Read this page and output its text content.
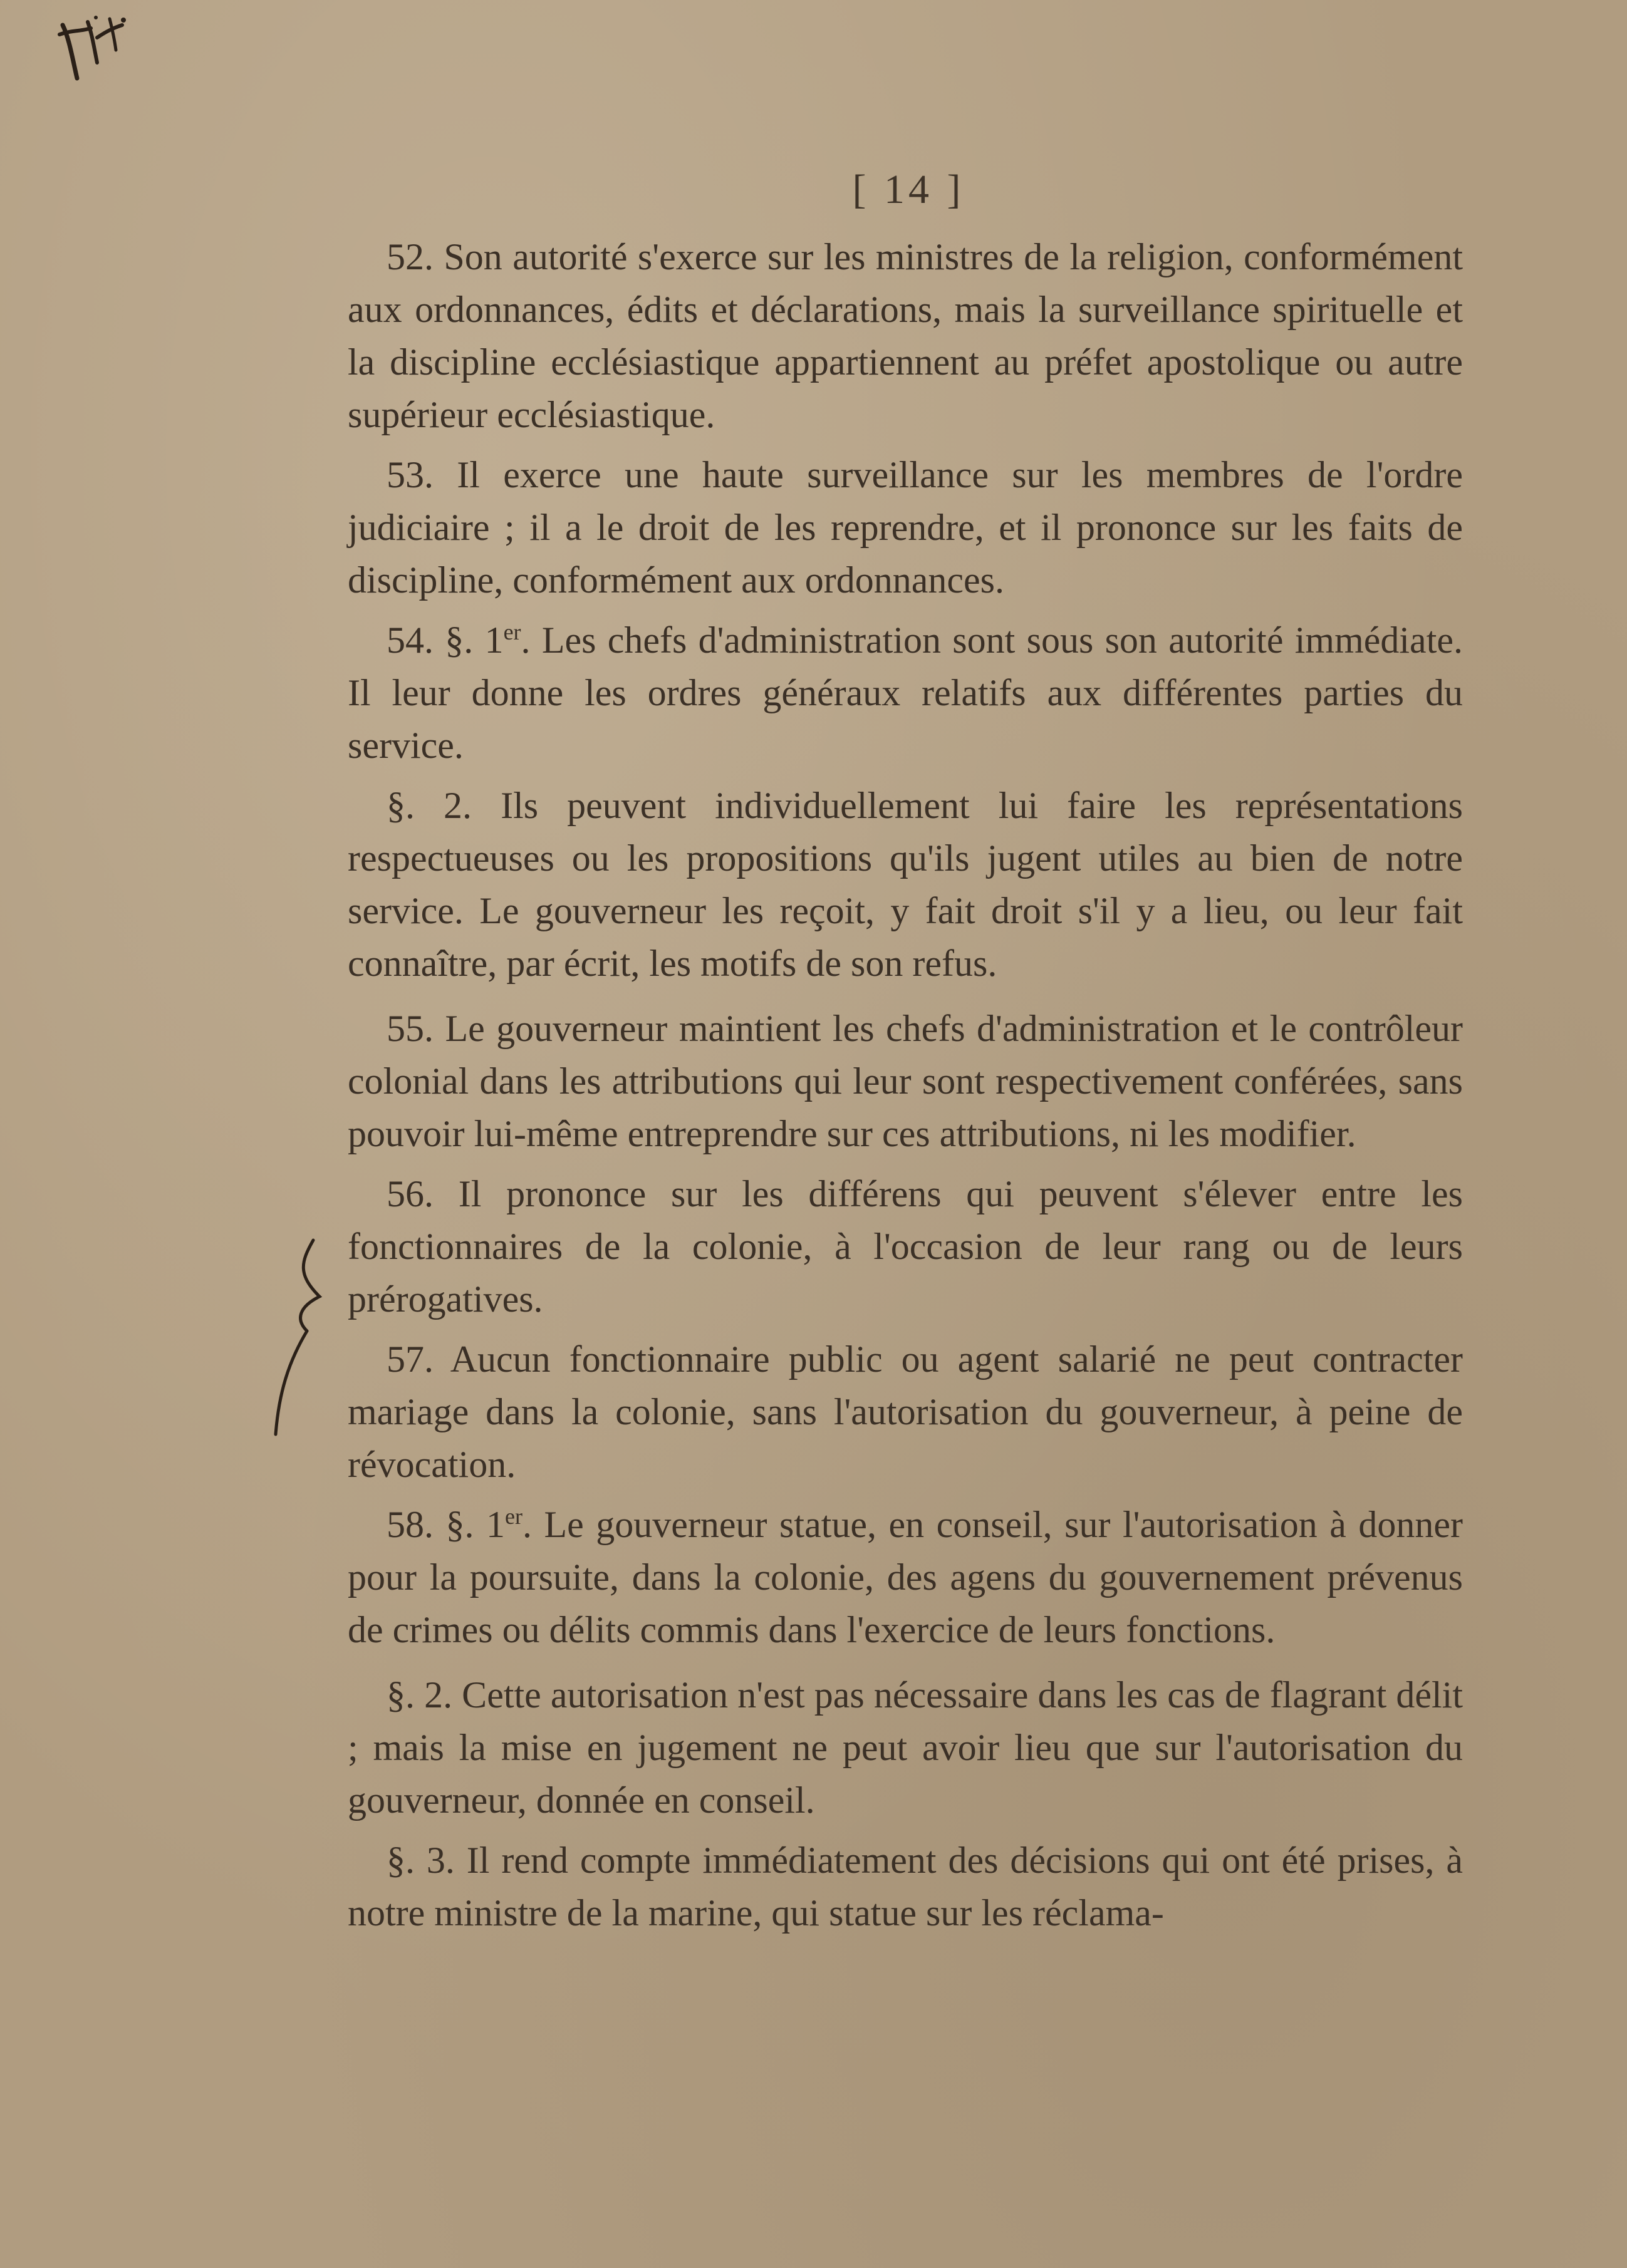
[ 14 ]

52. Son autorité s'exerce sur les ministres de la religion, conformément aux ordonnances, édits et déclarations, mais la surveillance spirituelle et la discipline ecclésiastique appartiennent au préfet apostolique ou autre supérieur ecclésiastique.

53. Il exerce une haute surveillance sur les membres de l'ordre judiciaire ; il a le droit de les reprendre, et il prononce sur les faits de discipline, conformément aux ordonnances.

54. §. 1er. Les chefs d'administration sont sous son autorité immédiate. Il leur donne les ordres généraux relatifs aux différentes parties du service.

§. 2. Ils peuvent individuellement lui faire les représentations respectueuses ou les propositions qu'ils jugent utiles au bien de notre service. Le gouverneur les reçoit, y fait droit s'il y a lieu, ou leur fait connaître, par écrit, les motifs de son refus.

55. Le gouverneur maintient les chefs d'administration et le contrôleur colonial dans les attributions qui leur sont respectivement conférées, sans pouvoir lui-même entreprendre sur ces attributions, ni les modifier.

56. Il prononce sur les différens qui peuvent s'élever entre les fonctionnaires de la colonie, à l'occasion de leur rang ou de leurs prérogatives.

57. Aucun fonctionnaire public ou agent salarié ne peut contracter mariage dans la colonie, sans l'autorisation du gouverneur, à peine de révocation.

58. §. 1er. Le gouverneur statue, en conseil, sur l'autorisation à donner pour la poursuite, dans la colonie, des agens du gouvernement prévenus de crimes ou délits commis dans l'exercice de leurs fonctions.

§. 2. Cette autorisation n'est pas nécessaire dans les cas de flagrant délit ; mais la mise en jugement ne peut avoir lieu que sur l'autorisation du gouverneur, donnée en conseil.

§. 3. Il rend compte immédiatement des décisions qui ont été prises, à notre ministre de la marine, qui statue sur les réclama-
